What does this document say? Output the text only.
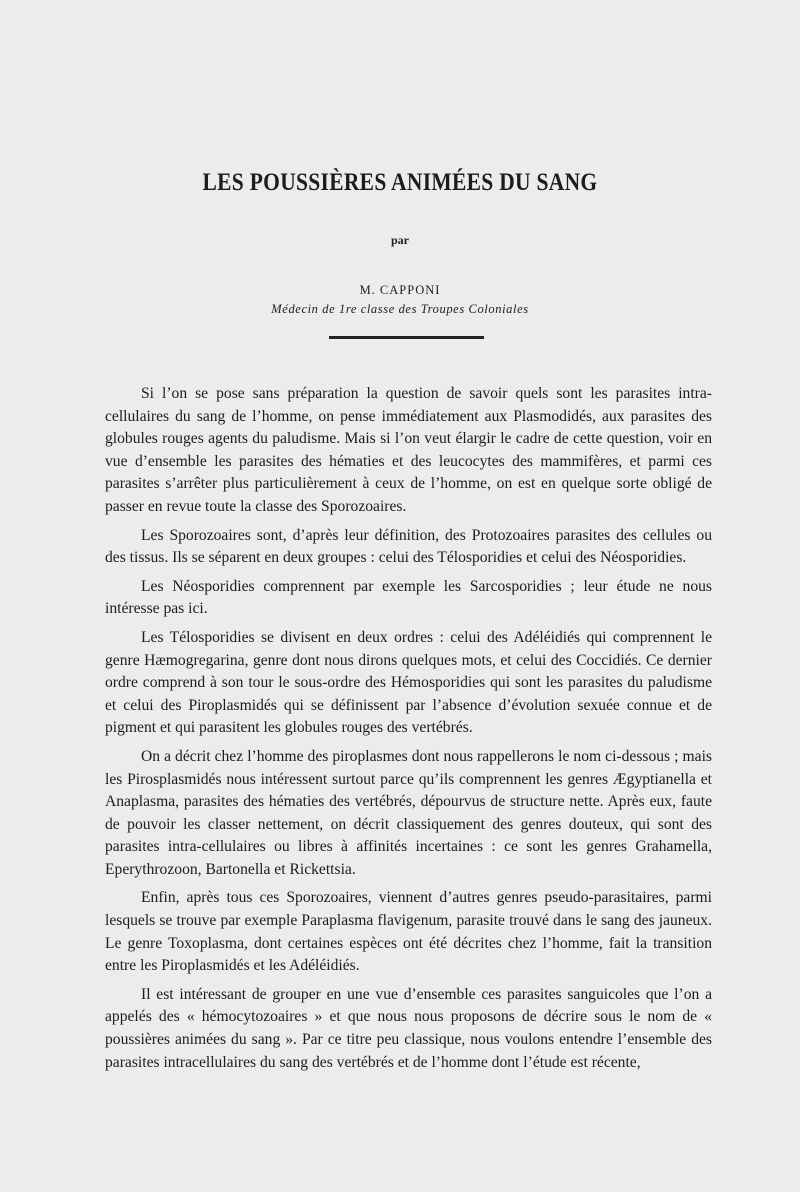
LES POUSSIÈRES ANIMÉES DU SANG
par
M. CAPPONI
Médecin de 1re classe des Troupes Coloniales

Si l’on se pose sans préparation la question de savoir quels sont les parasites intra-cellulaires du sang de l’homme, on pense immédiatement aux Plasmodidés, aux parasites des globules rouges agents du paludisme. Mais si l’on veut élargir le cadre de cette question, voir en vue d’ensemble les parasites des hématies et des leucocytes des mammifères, et parmi ces parasites s’arrêter plus particulièrement à ceux de l’homme, on est en quelque sorte obligé de passer en revue toute la classe des Sporozoaires.

Les Sporozoaires sont, d’après leur définition, des Protozoaires parasites des cellules ou des tissus. Ils se séparent en deux groupes : celui des Télosporidies et celui des Néosporidies.

Les Néosporidies comprennent par exemple les Sarcosporidies ; leur étude ne nous intéresse pas ici.

Les Télosporidies se divisent en deux ordres : celui des Adéléidiés qui comprennent le genre Hæmogregarina, genre dont nous dirons quelques mots, et celui des Coccidiés. Ce dernier ordre comprend à son tour le sous-ordre des Hémosporidies qui sont les parasites du paludisme et celui des Piroplasmidés qui se définissent par l’absence d’évolution sexuée connue et de pigment et qui parasitent les globules rouges des vertébrés.

On a décrit chez l’homme des piroplasmes dont nous rappellerons le nom ci-dessous ; mais les Pirosplasmidés nous intéressent surtout parce qu’ils comprennent les genres Ægyptianella et Anaplasma, parasites des hématies des vertébrés, dépourvus de structure nette. Après eux, faute de pouvoir les classer nettement, on décrit classiquement des genres douteux, qui sont des parasites intra-cellulaires ou libres à affinités incertaines : ce sont les genres Grahamella, Eperythrozoon, Bartonella et Rickettsia.

Enfin, après tous ces Sporozoaires, viennent d’autres genres pseudo-parasitaires, parmi lesquels se trouve par exemple Paraplasma flavigenum, parasite trouvé dans le sang des jauneux. Le genre Toxoplasma, dont certaines espèces ont été décrites chez l’homme, fait la transition entre les Piroplasmidés et les Adéléidiés.

Il est intéressant de grouper en une vue d’ensemble ces parasites sanguicoles que l’on a appelés des « hémocytozoaires » et que nous nous proposons de décrire sous le nom de « poussières animées du sang ». Par ce titre peu classique, nous voulons entendre l’ensemble des parasites intracellulaires du sang des vertébrés et de l’homme dont l’étude est récente,
